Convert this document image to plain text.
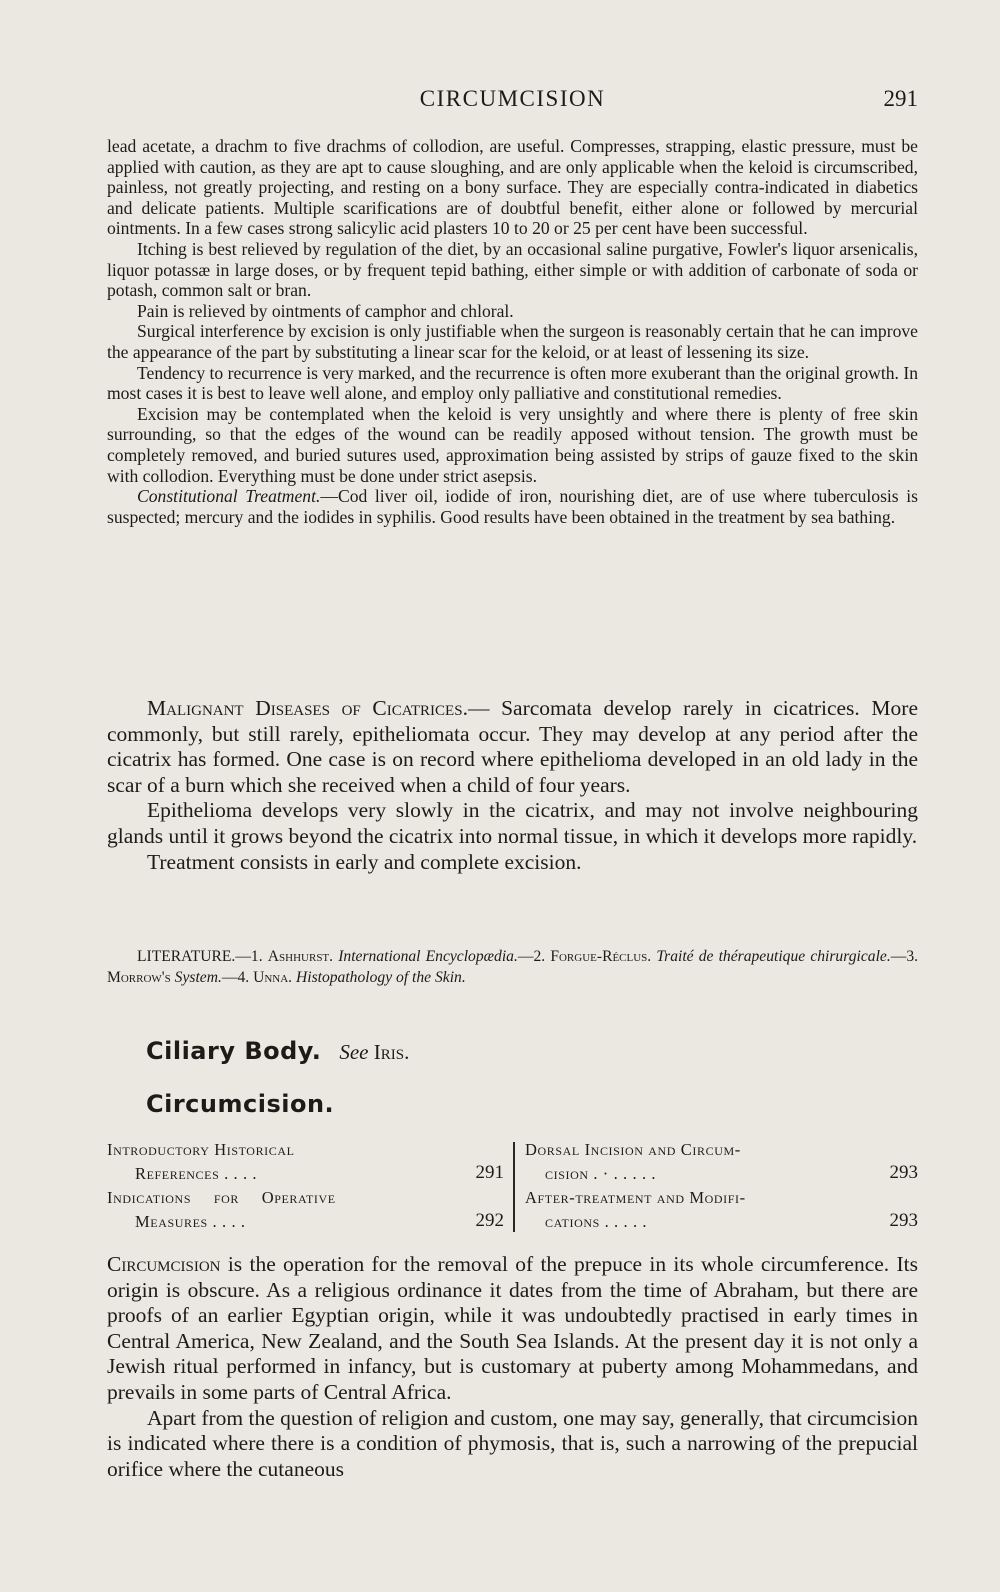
CIRCUMCISION	291

lead acetate, a drachm to five drachms of collodion, are useful. Compresses, strapping, elastic pressure, must be applied with caution, as they are apt to cause sloughing, and are only applicable when the keloid is circumscribed, painless, not greatly projecting, and resting on a bony surface. They are especially contra-indicated in diabetics and delicate patients. Multiple scarifications are of doubtful benefit, either alone or followed by mercurial ointments. In a few cases strong salicylic acid plasters 10 to 20 or 25 per cent have been successful.

Itching is best relieved by regulation of the diet, by an occasional saline purgative, Fowler's liquor arsenicalis, liquor potassæ in large doses, or by frequent tepid bathing, either simple or with addition of carbonate of soda or potash, common salt or bran.

Pain is relieved by ointments of camphor and chloral.

Surgical interference by excision is only justifiable when the surgeon is reasonably certain that he can improve the appearance of the part by substituting a linear scar for the keloid, or at least of lessening its size.

Tendency to recurrence is very marked, and the recurrence is often more exuberant than the original growth. In most cases it is best to leave well alone, and employ only palliative and constitutional remedies.

Excision may be contemplated when the keloid is very unsightly and where there is plenty of free skin surrounding, so that the edges of the wound can be readily apposed without tension. The growth must be completely removed, and buried sutures used, approximation being assisted by strips of gauze fixed to the skin with collodion. Everything must be done under strict asepsis.

Constitutional Treatment.—Cod liver oil, iodide of iron, nourishing diet, are of use where tuberculosis is suspected; mercury and the iodides in syphilis. Good results have been obtained in the treatment by sea bathing.

Malignant Diseases of Cicatrices.— Sarcomata develop rarely in cicatrices. More commonly, but still rarely, epitheliomata occur. They may develop at any period after the cicatrix has formed. One case is on record where epithelioma developed in an old lady in the scar of a burn which she received when a child of four years.

Epithelioma develops very slowly in the cicatrix, and may not involve neighbouring glands until it grows beyond the cicatrix into normal tissue, in which it develops more rapidly.

Treatment consists in early and complete excision.

LITERATURE.—1. Ashhurst. International Encyclopædia.—2. Forgue-Réclus. Traité de thérapeutique chirurgicale.—3. Morrow's System.—4. Unna. Histopathology of the Skin.

Ciliary Body. See Iris.
Circumcision.
Introductory Historical
References . . . .	291
Indications for Operative
Measures . . . .	292
Dorsal Incision and Circum-
cision . · . . . . .	293
After-treatment and Modifi-
cations . . . . .	293

Circumcision is the operation for the removal of the prepuce in its whole circumference. Its origin is obscure. As a religious ordinance it dates from the time of Abraham, but there are proofs of an earlier Egyptian origin, while it was undoubtedly practised in early times in Central America, New Zealand, and the South Sea Islands. At the present day it is not only a Jewish ritual performed in infancy, but is customary at puberty among Mohammedans, and prevails in some parts of Central Africa.

Apart from the question of religion and custom, one may say, generally, that circumcision is indicated where there is a condition of phymosis, that is, such a narrowing of the prepucial orifice where the cutaneous
